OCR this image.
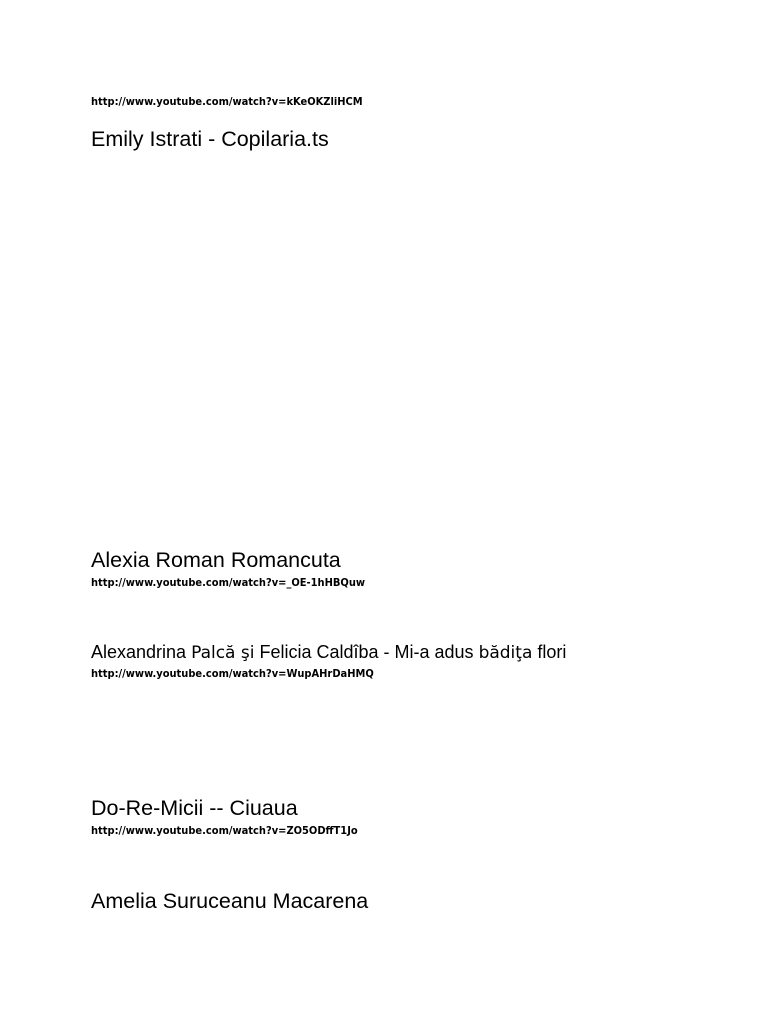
http://www.youtube.com/watch?v=kKeOKZliHCM
Emily Istrati - Copilaria.ts
Alexia Roman Romancuta
http://www.youtube.com/watch?v=_OE-1hHBQuw
Alexandrina Palcă şi Felicia Caldîba - Mi-a adus bădiţa flori
http://www.youtube.com/watch?v=WupAHrDaHMQ
Do-Re-Micii -- Ciuaua
http://www.youtube.com/watch?v=ZO5ODffT1Jo
Amelia Suruceanu Macarena
